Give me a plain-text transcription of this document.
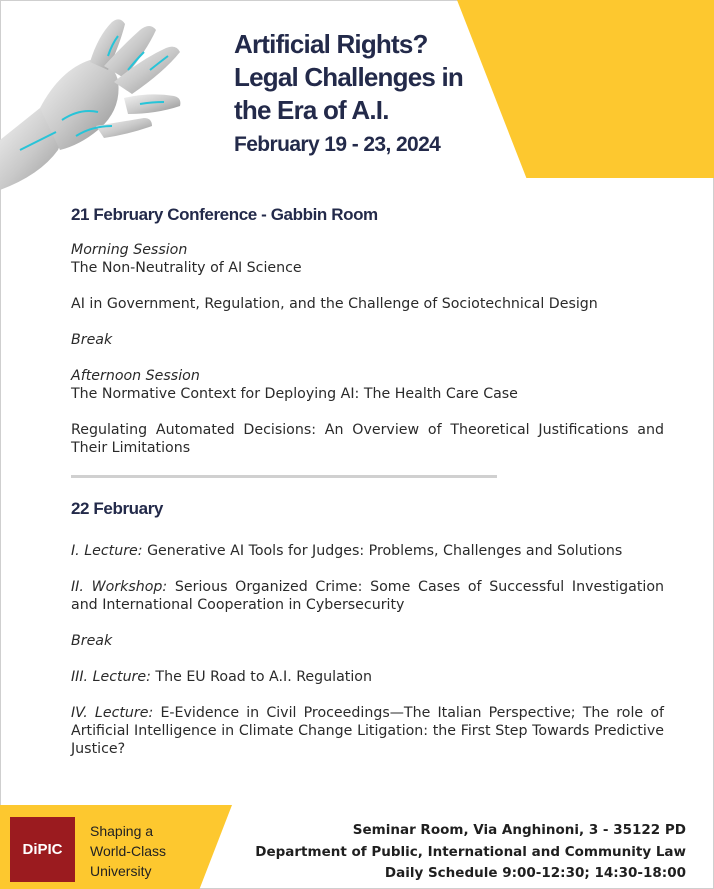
Artificial Rights?
Legal Challenges in
the Era of A.I.
February 19 - 23, 2024
21 February Conference - Gabbin Room
Morning Session
The Non-Neutrality of AI Science
AI in Government, Regulation, and the Challenge of Sociotechnical Design
Break
Afternoon Session
The Normative Context for Deploying AI: The Health Care Case
Regulating Automated Decisions: An Overview of Theoretical Justifications and Their Limitations
22 February
I. Lecture: Generative AI Tools for Judges: Problems, Challenges and Solutions
II. Workshop: Serious Organized Crime: Some Cases of Successful Investigation and International Cooperation in Cybersecurity
Break
III. Lecture: The EU Road to A.I. Regulation
IV. Lecture: E-Evidence in Civil Proceedings—The Italian Perspective; The role of Artificial Intelligence in Climate Change Litigation: the First Step Towards Predictive Justice?
DiPIC
Shaping a
World-Class
University
Seminar Room, Via Anghinoni, 3 - 35122 PD
Department of Public, International and Community Law
Daily Schedule 9:00-12:30; 14:30-18:00
